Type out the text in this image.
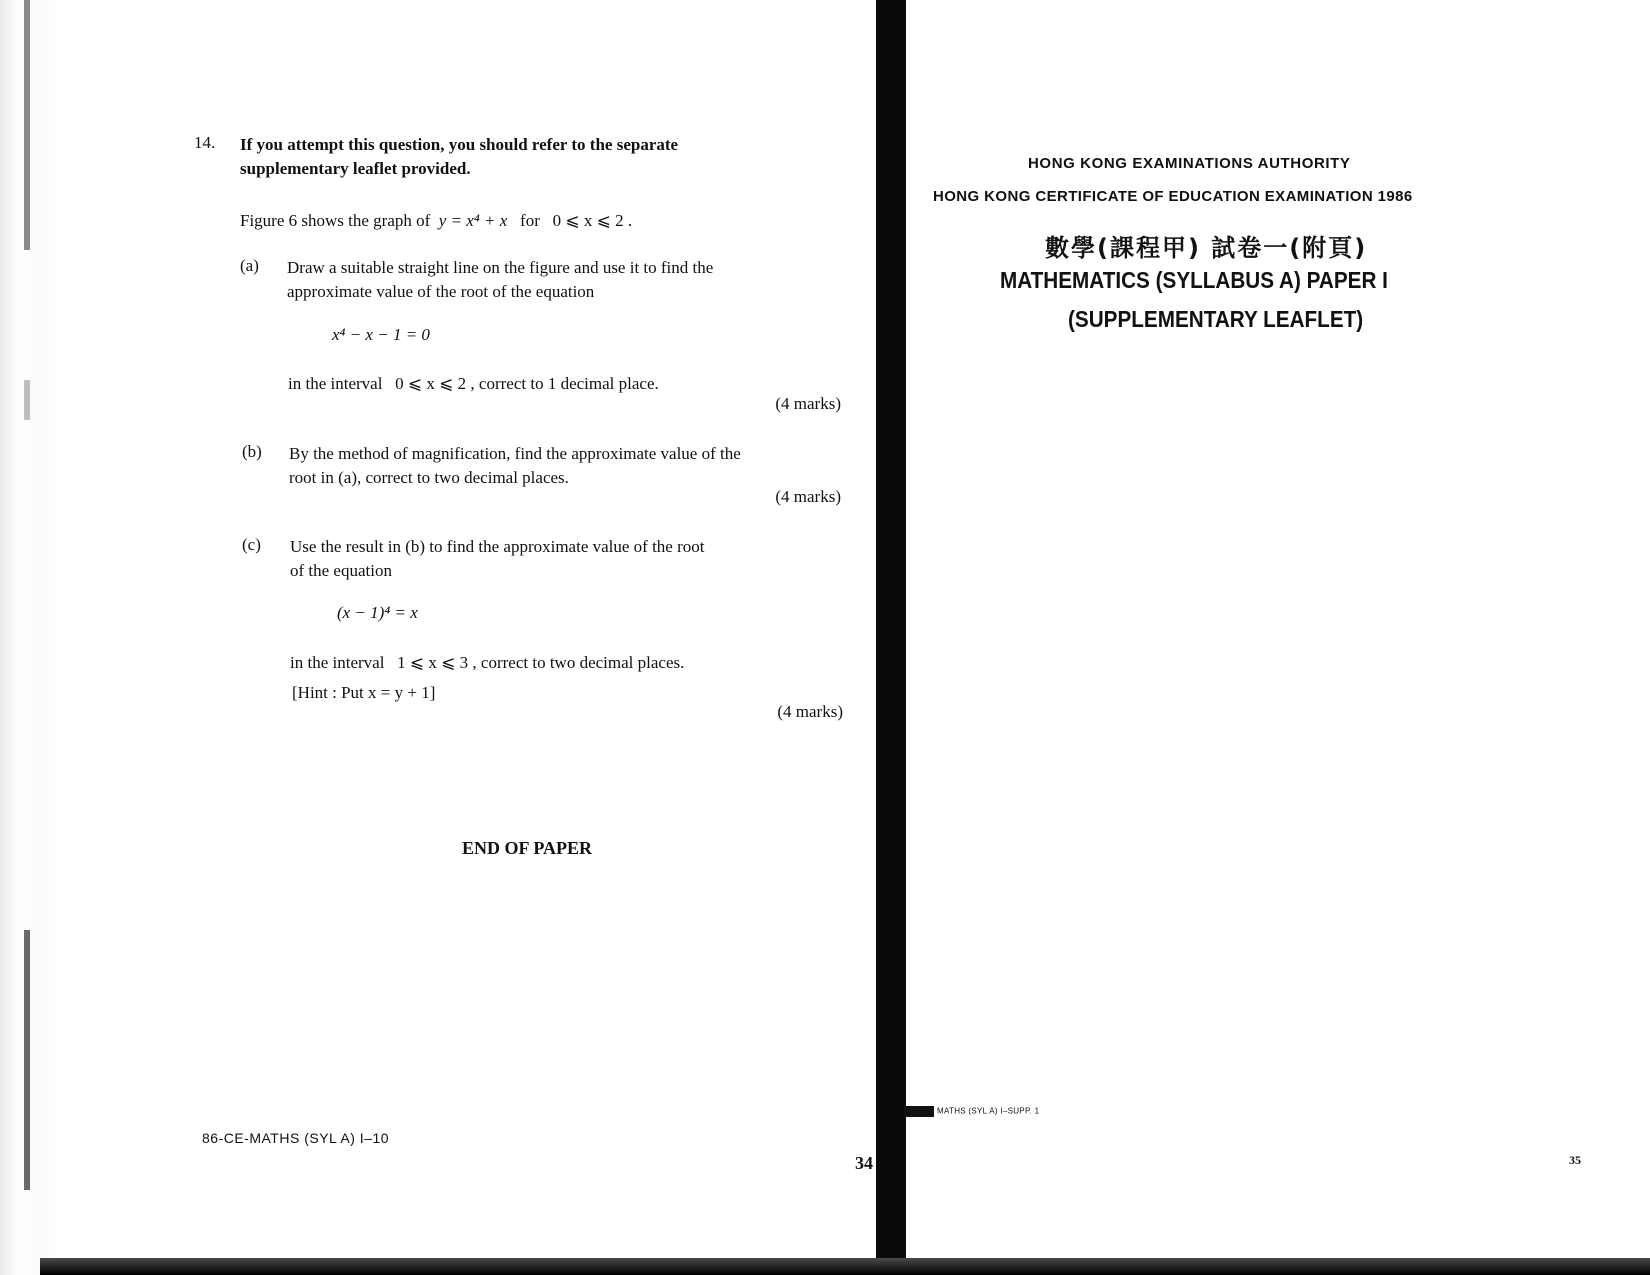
14. If you attempt this question, you should refer to the separate
supplementary leaflet provided.
Figure 6 shows the graph of y = x⁴ + x for 0 ⩽ x ⩽ 2 .
(a) Draw a suitable straight line on the figure and use it to find the
approximate value of the root of the equation
x⁴ − x − 1 = 0
in the interval 0 ⩽ x ⩽ 2 , correct to 1 decimal place.
(4 marks)
(b) By the method of magnification, find the approximate value of the
root in (a), correct to two decimal places.
(4 marks)
(c) Use the result in (b) to find the approximate value of the root
of the equation
(x − 1)⁴ = x
in the interval 1 ⩽ x ⩽ 3 , correct to two decimal places.
[Hint : Put x = y + 1]
(4 marks)
END OF PAPER
86-CE-MATHS (SYL A) I–10
34
HONG KONG EXAMINATIONS AUTHORITY
HONG KONG CERTIFICATE OF EDUCATION EXAMINATION 1986
數學(課程甲) 試卷一(附頁)
MATHEMATICS (SYLLABUS A) PAPER I
(SUPPLEMENTARY LEAFLET)
MATHS (SYL A) I–SUPP. 1
35
